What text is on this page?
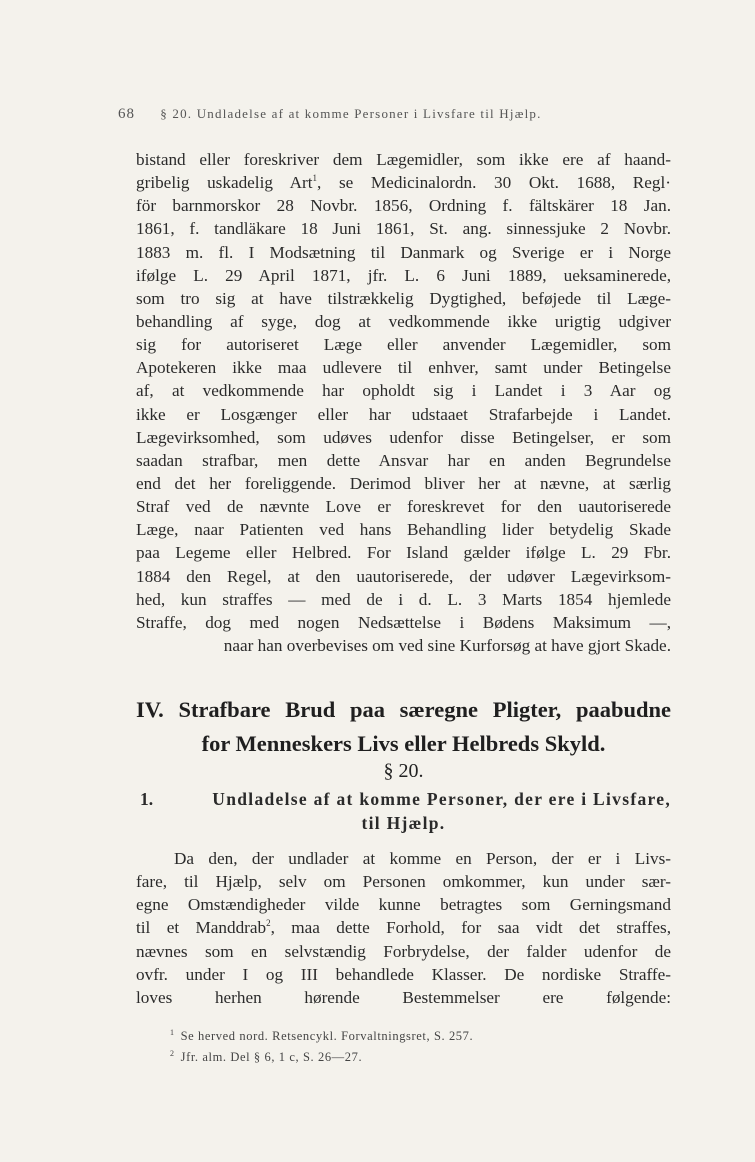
68 § 20. Undladelse af at komme Personer i Livsfare til Hjælp.
bistand eller foreskriver dem Lægemidler, som ikke ere af haand-
gribelig uskadelig Art$^1$, se Medicinalordn. 30 Okt. 1688, Regl·
för barnmorskor 28 Novbr. 1856, Ordning f. fältskärer 18 Jan.
1861, f. tandläkare 18 Juni 1861, St. ang. sinnessjuke 2 Novbr.
1883 m. fl. I Modsætning til Danmark og Sverige er i Norge
ifølge L. 29 April 1871, jfr. L. 6 Juni 1889, ueksaminerede,
som tro sig at have tilstrækkelig Dygtighed, beføjede til Læge-
behandling af syge, dog at vedkommende ikke urigtig udgiver
sig for autoriseret Læge eller anvender Lægemidler, som
Apotekeren ikke maa udlevere til enhver, samt under Betingelse
af, at vedkommende har opholdt sig i Landet i 3 Aar og
ikke er Losgænger eller har udstaaet Strafarbejde i Landet.
Lægevirksomhed, som udøves udenfor disse Betingelser, er som
saadan strafbar, men dette Ansvar har en anden Begrundelse
end det her foreliggende. Derimod bliver her at nævne, at særlig
Straf ved de nævnte Love er foreskrevet for den uautoriserede
Læge, naar Patienten ved hans Behandling lider betydelig Skade
paa Legeme eller Helbred. For Island gælder ifølge L. 29 Fbr.
1884 den Regel, at den uautoriserede, der udøver Lægevirksom-
hed, kun straffes — med de i d. L. 3 Marts 1854 hjemlede
Straffe, dog med nogen Nedsættelse i Bødens Maksimum —,
naar han overbevises om ved sine Kurforsøg at have gjort Skade.
IV. Strafbare Brud paa særegne Pligter, paabudne
for Menneskers Livs eller Helbreds Skyld.
§ 20.
1.	Undladelse af at komme Personer, der ere i Livsfare,
til Hjælp.
Da den, der undlader at komme en Person, der er i Livs-
fare, til Hjælp, selv om Personen omkommer, kun under sær-
egne Omstændigheder vilde kunne betragtes som Gerningsmand
til et Manddrab$^2$, maa dette Forhold, for saa vidt det straffes,
nævnes som en selvstændig Forbrydelse, der falder udenfor de
ovfr. under I og III behandlede Klasser. De nordiske Straffe-
loves herhen hørende Bestemmelser ere følgende:
$^1$ Se herved nord. Retsencykl. Forvaltningsret, S. 257.
$^2$ Jfr. alm. Del § 6, 1 c, S. 26—27.
